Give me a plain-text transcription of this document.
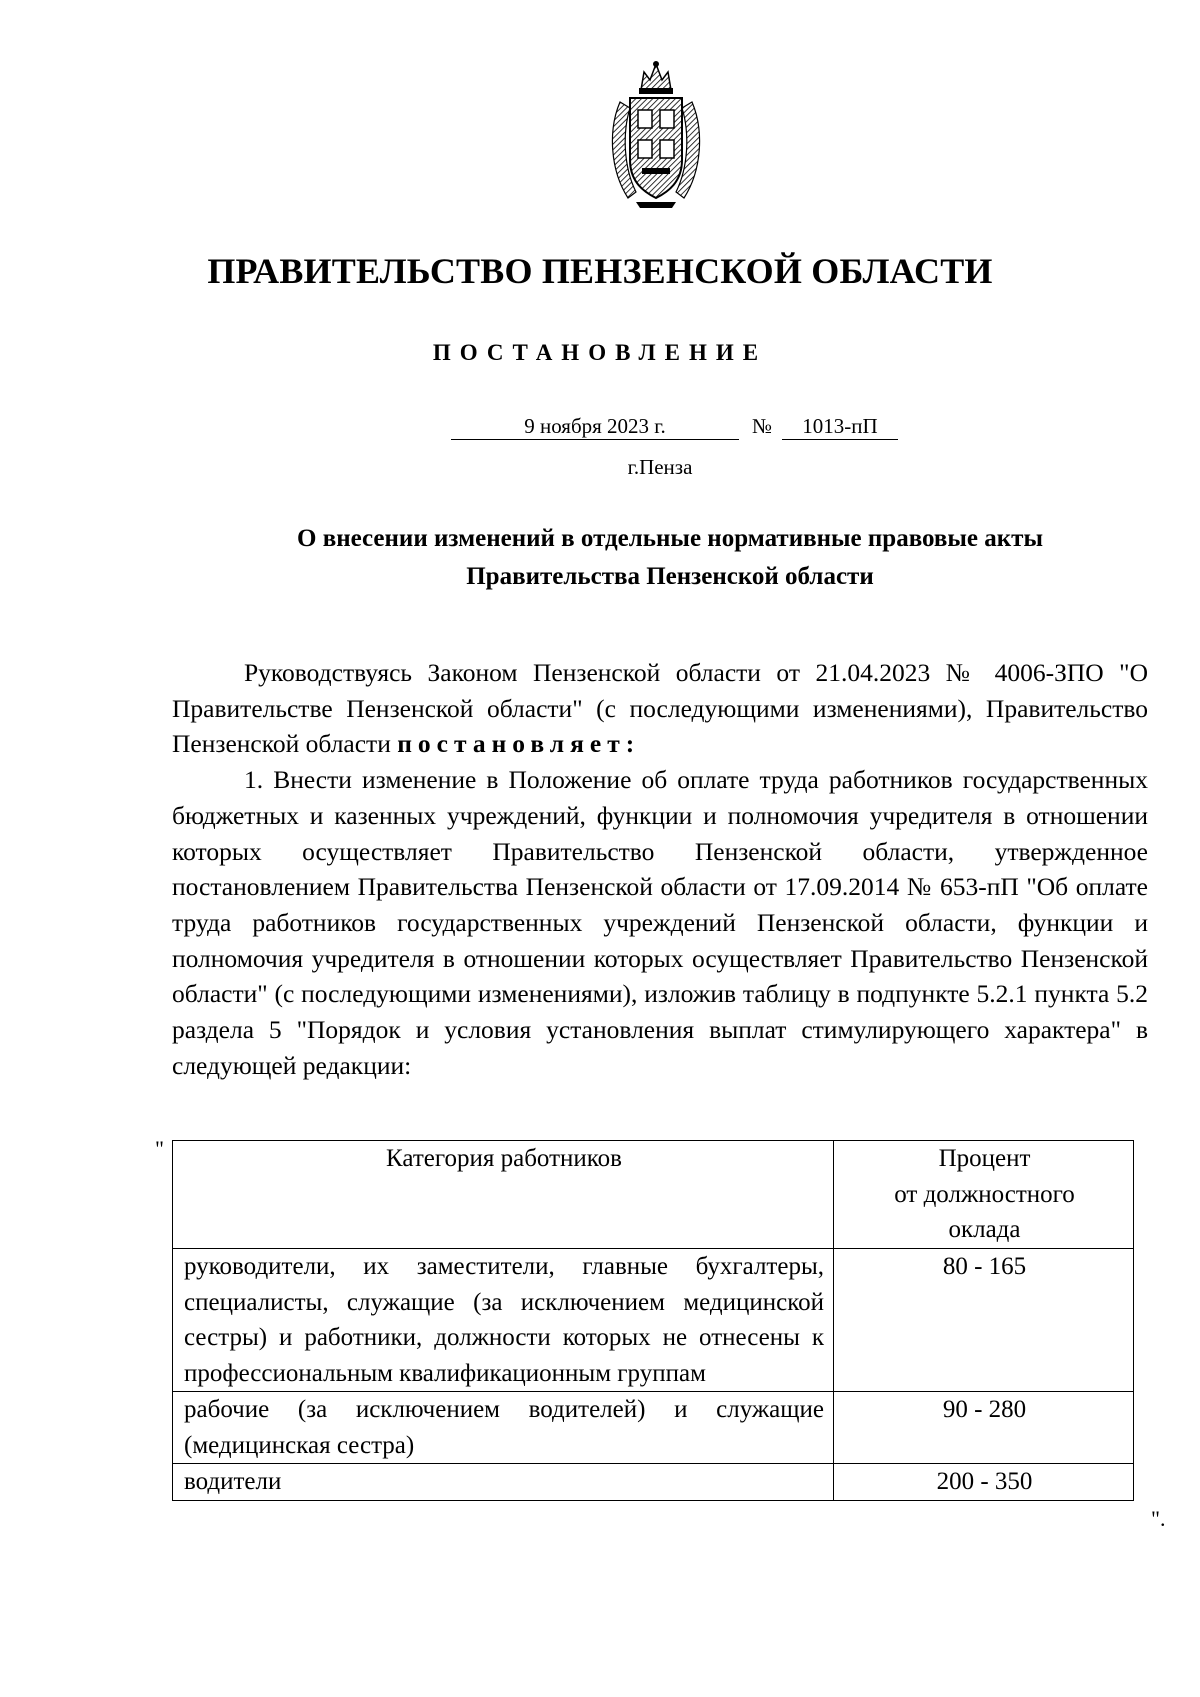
ПРАВИТЕЛЬСТВО ПЕНЗЕНСКОЙ ОБЛАСТИ
ПОСТАНОВЛЕНИЕ
9 ноября 2023 г.	№	1013-пП
г.Пенза
О внесении изменений в отдельные нормативные правовые акты
Правительства Пензенской области

Руководствуясь Законом Пензенской области от 21.04.2023 № 4006-ЗПО "О Правительстве Пензенской области" (с последующими изменениями), Правительство Пензенской области постановляет:

1. Внести изменение в Положение об оплате труда работников государственных бюджетных и казенных учреждений, функции и полномочия учредителя в отношении которых осуществляет Правительство Пензенской области, утвержденное постановлением Правительства Пензенской области от 17.09.2014 № 653-пП "Об оплате труда работников государственных учреждений Пензенской области, функции и полномочия учредителя в отношении которых осуществляет Правительство Пензенской области" (с последующими изменениями), изложив таблицу в подпункте 5.2.1 пункта 5.2 раздела 5 "Порядок и условия установления выплат стимулирующего характера" в следующей редакции:

"	Категория работников	Процент
от должностного
оклада

руководители, их заместители, главные бухгалтеры, специалисты, служащие (за исключением медицинской сестры) и работники, должности которых не отнесены к профессиональным квалификационным группам	80 - 165
рабочие (за исключением водителей) и служащие (медицинская сестра)	90 - 280
водители	200 - 350
".
